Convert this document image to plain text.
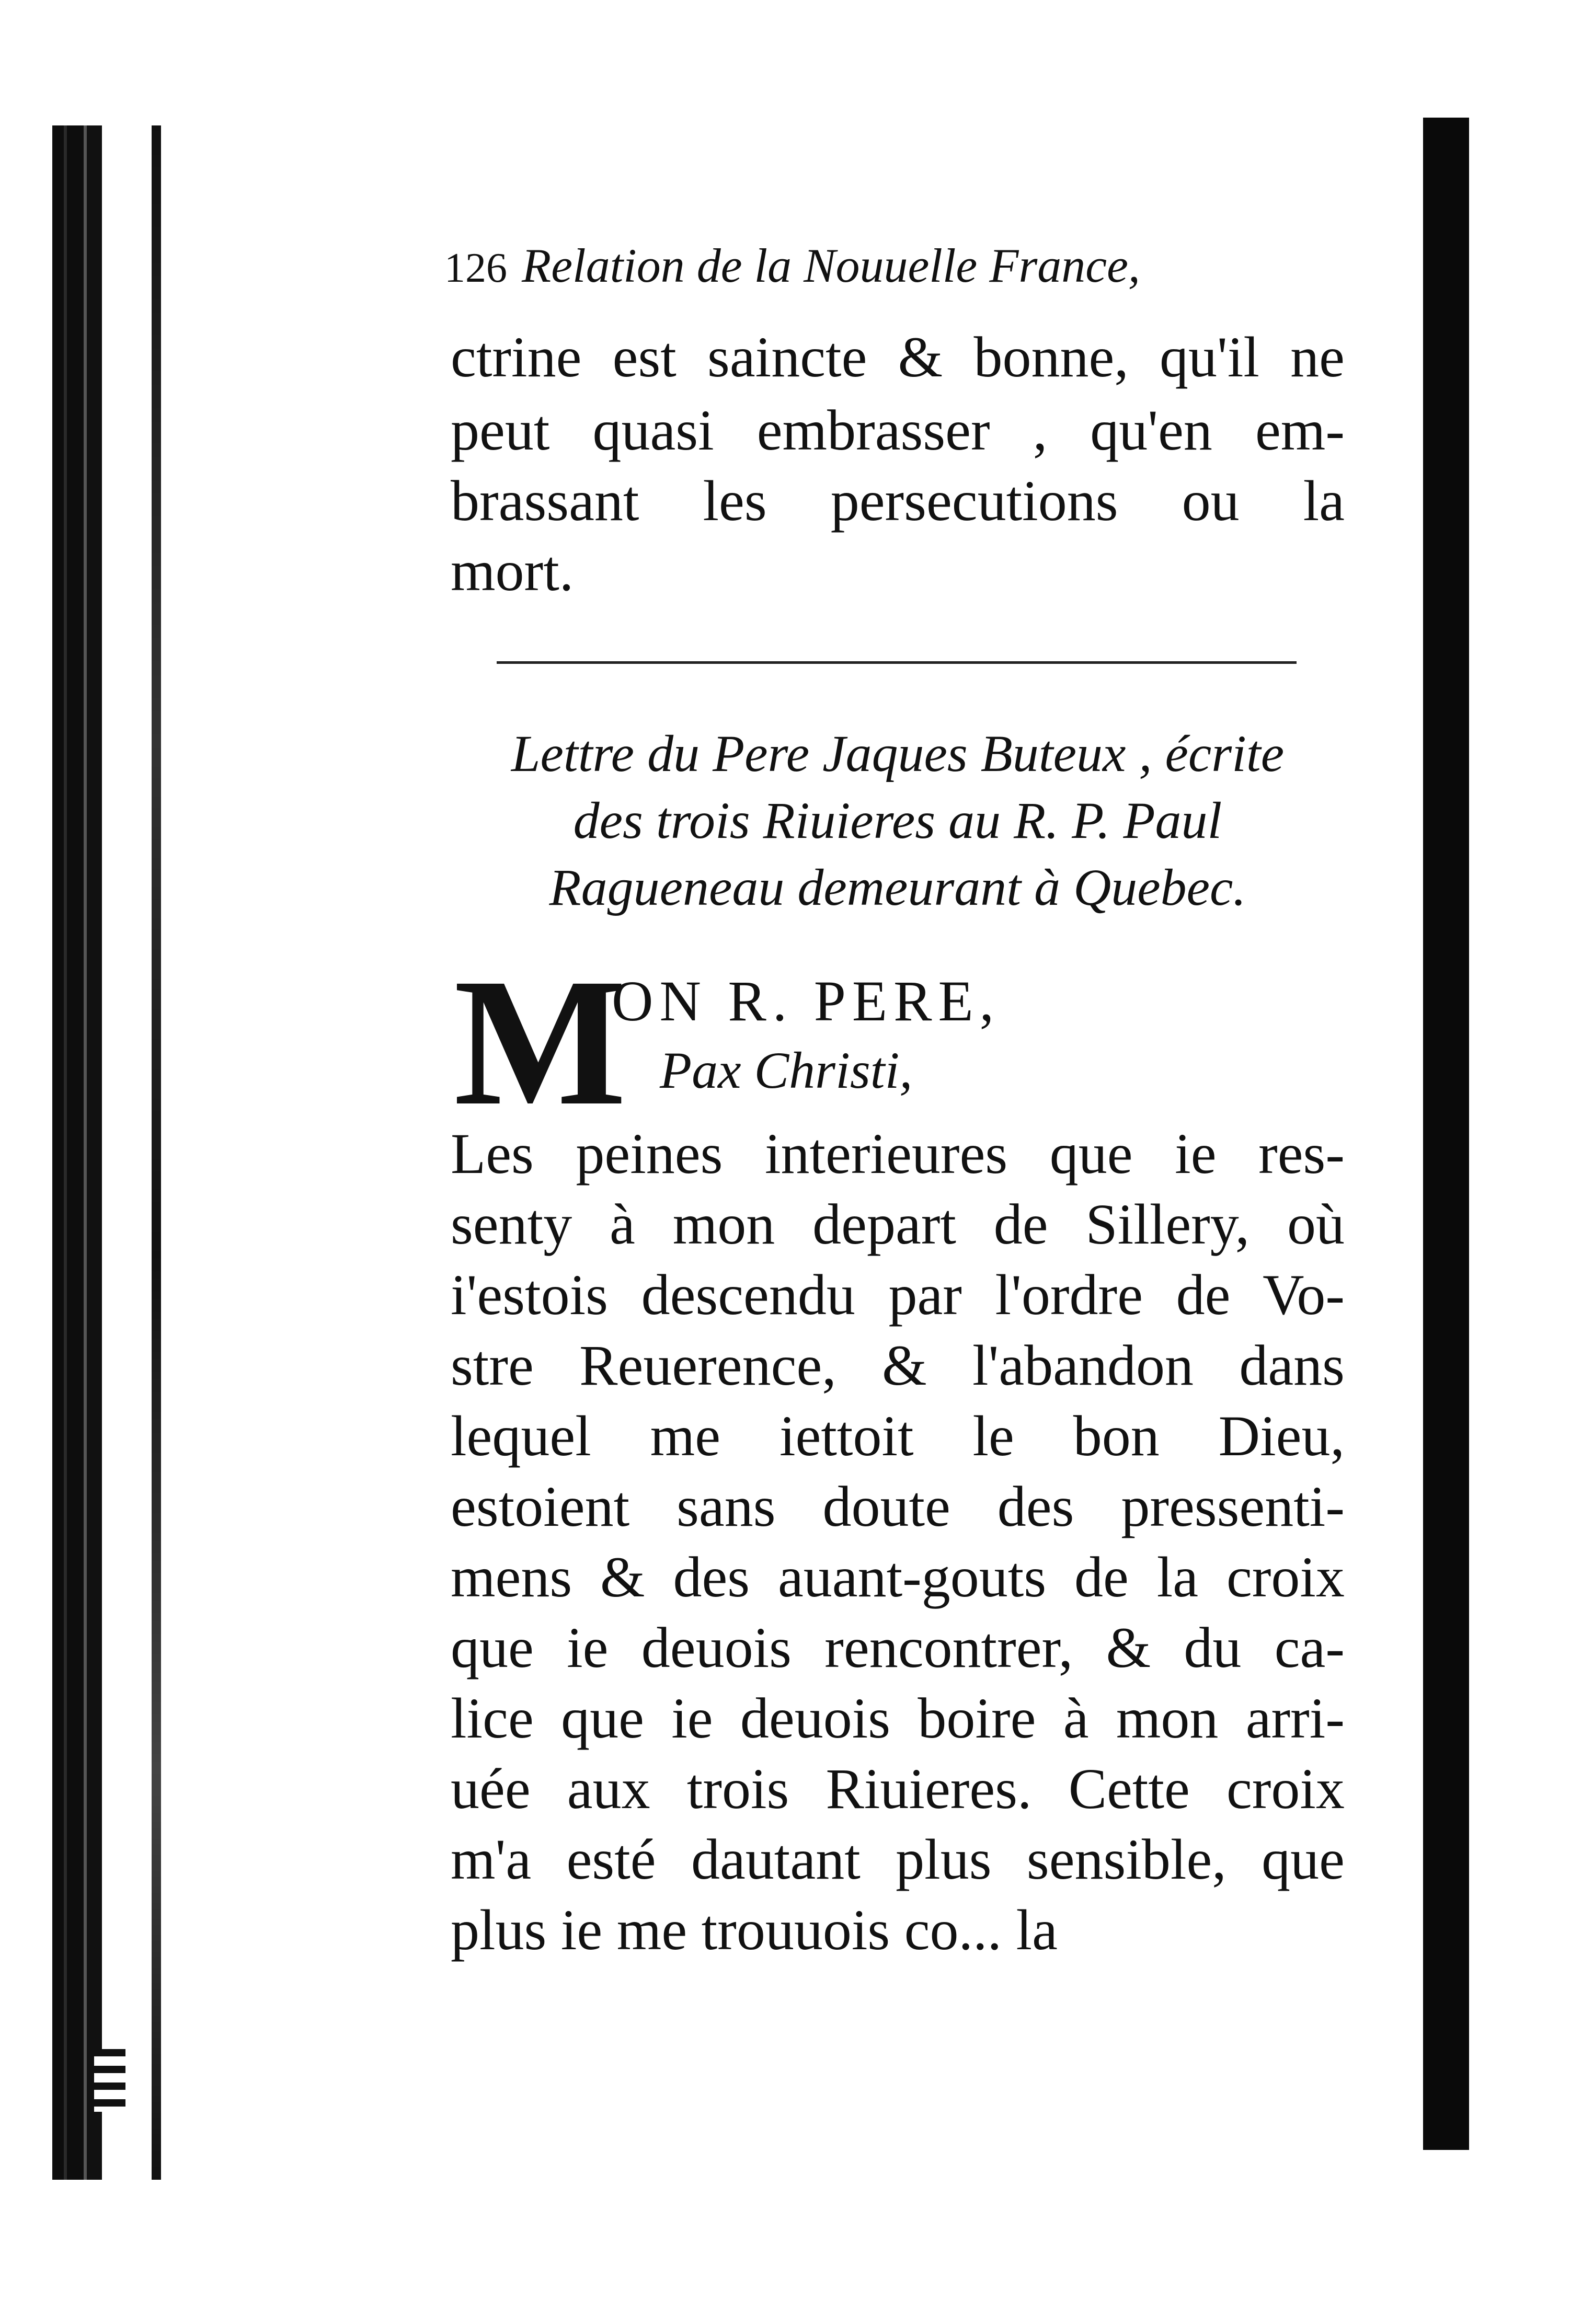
126 Relation de la Nouuelle France,
ctrine est saincte & bonne, qu'il ne
peut quasi embrasser , qu'en em-
brassant les persecutions ou la
mort.
Lettre du Pere Jaques Buteux , écrite
des trois Riuieres au R. P. Paul
Ragueneau demeurant à Quebec.
M
ON R. PERE,
Pax Christi,
Les peines interieures que ie res-
senty à mon depart de Sillery, où
i'estois descendu par l'ordre de Vo-
stre Reuerence, & l'abandon dans
lequel me iettoit le bon Dieu,
estoient sans doute des pressenti-
mens & des auant-gouts de la croix
que ie deuois rencontrer, & du ca-
lice que ie deuois boire à mon arri-
uée aux trois Riuieres. Cette croix
m'a esté dautant plus sensible, que
plus ie me trouuois co... la
